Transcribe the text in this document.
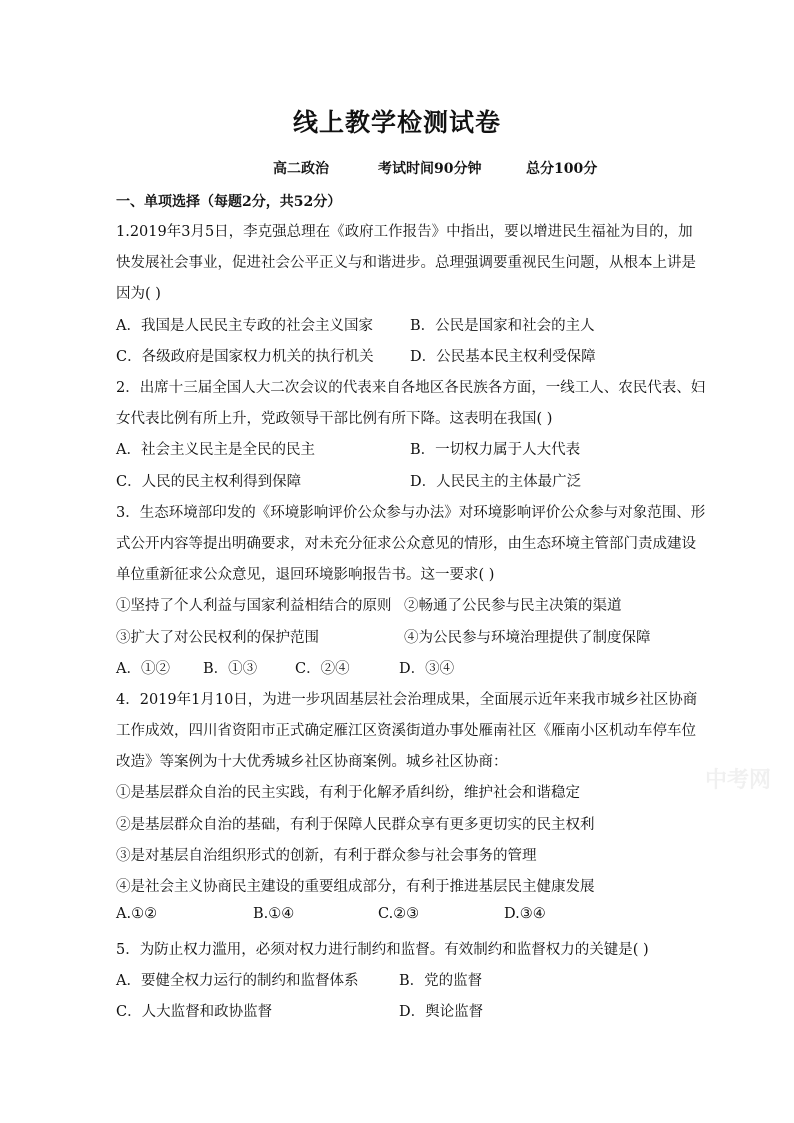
线上教学检测试卷
高二政治	考试时间90分钟	总分100分
一、单项选择（每题2分，共52分）
1.2019年3月5日，李克强总理在《政府工作报告》中指出，要以增进民生福祉为目的，加
快发展社会事业，促进社会公平正义与和谐进步。总理强调要重视民生问题，从根本上讲是
因为( )
A．我国是人民民主专政的社会主义国家	B．公民是国家和社会的主人
C．各级政府是国家权力机关的执行机关	D．公民基本民主权利受保障
2．出席十三届全国人大二次会议的代表来自各地区各民族各方面，一线工人、农民代表、妇
女代表比例有所上升，党政领导干部比例有所下降。这表明在我国( )
A．社会主义民主是全民的民主	B．一切权力属于人大代表
C．人民的民主权利得到保障	D．人民民主的主体最广泛
3．生态环境部印发的《环境影响评价公众参与办法》对环境影响评价公众参与对象范围、形
式公开内容等提出明确要求，对未充分征求公众意见的情形，由生态环境主管部门责成建设
单位重新征求公众意见，退回环境影响报告书。这一要求( )
①坚持了个人利益与国家利益相结合的原则 ②畅通了公民参与民主决策的渠道
③扩大了对公民权利的保护范围	④为公民参与环境治理提供了制度保障
A．①② B．①③	C．②④	D．③④
4．2019年1月10日，为进一步巩固基层社会治理成果，全面展示近年来我市城乡社区协商
工作成效，四川省资阳市正式确定雁江区资溪街道办事处雁南社区《雁南小区机动车停车位
改造》等案例为十大优秀城乡社区协商案例。城乡社区协商：
①是基层群众自治的民主实践，有利于化解矛盾纠纷，维护社会和谐稳定
②是基层群众自治的基础，有利于保障人民群众享有更多更切实的民主权利
③是对基层自治组织形式的创新，有利于群众参与社会事务的管理
④是社会主义协商民主建设的重要组成部分，有利于推进基层民主健康发展
A.①②	B.①④	C.②③	D.③④
5．为防止权力滥用，必须对权力进行制约和监督。有效制约和监督权力的关键是( )
A．要健全权力运行的制约和监督体系	B．党的监督
C．人大监督和政协监督	D．舆论监督
中考网
